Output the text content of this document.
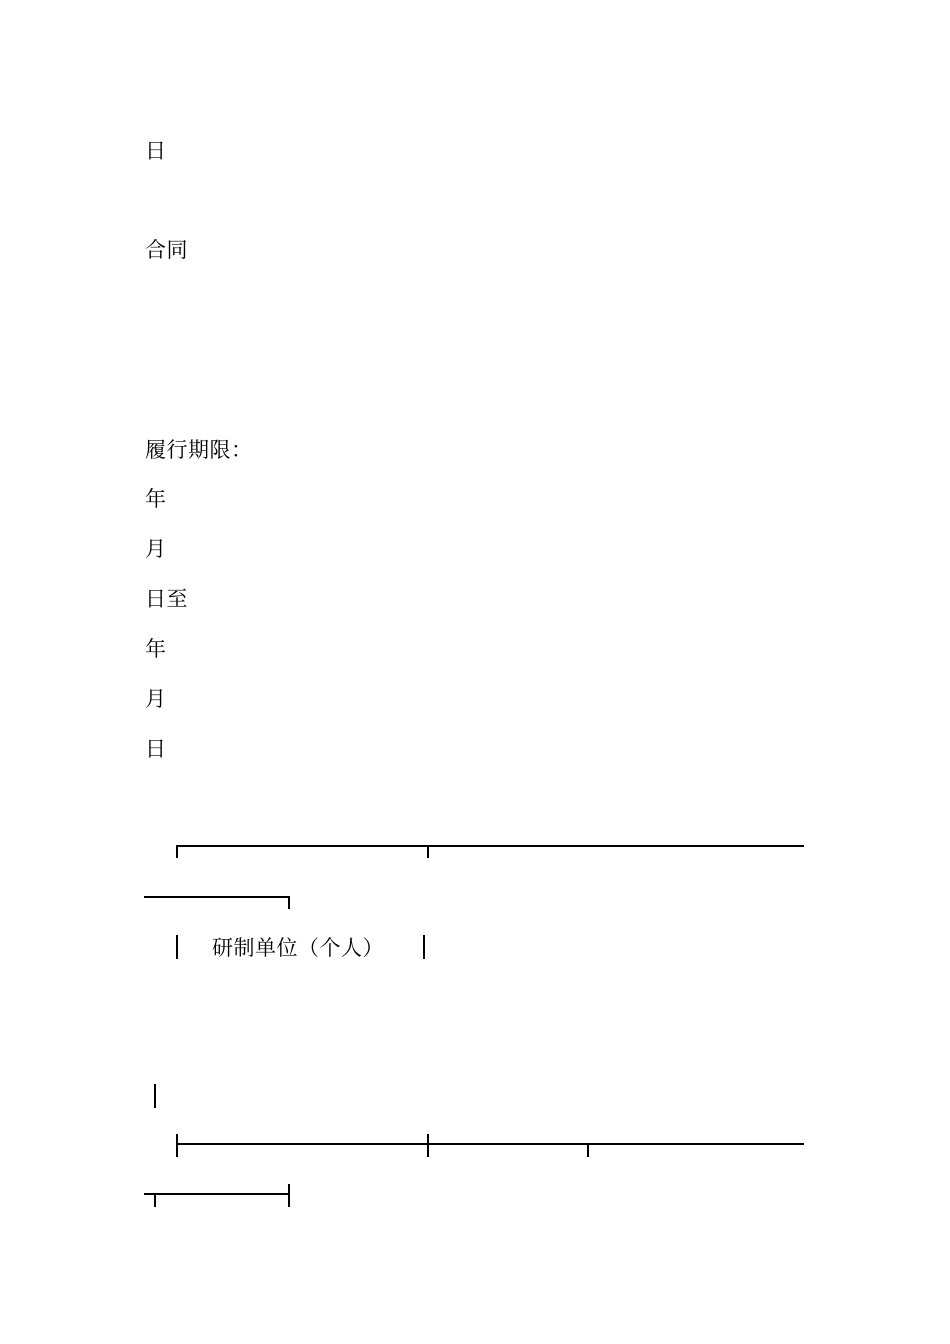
日
合同
履行期限：
年
月
日至
年
月
日
研制单位（个人）
